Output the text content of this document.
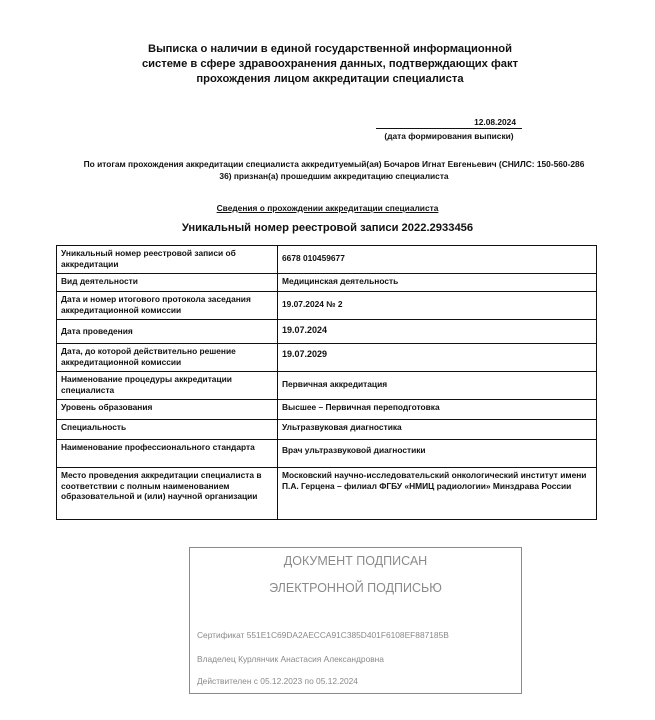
Выписка о наличии в единой государственной информационной
системе в сфере здравоохранения данных, подтверждающих факт
прохождения лицом аккредитации специалиста
12.08.2024
(дата формирования выписки)
По итогам прохождения аккредитации специалиста аккредитуемый(ая) Бочаров Игнат Евгеньевич (СНИЛС: 150-560-286
36) признан(а) прошедшим аккредитацию специалиста
Сведения о прохождении аккредитации специалиста
Уникальный номер реестровой записи 2022.2933456
Уникальный номер реестровой записи об аккредитации	6678 010459677
Вид деятельности	Медицинская деятельность
Дата и номер итогового протокола заседания аккредитационной комиссии	19.07.2024 № 2
Дата проведения	19.07.2024
Дата, до которой действительно решение аккредитационной комиссии	19.07.2029
Наименование процедуры аккредитации специалиста	Первичная аккредитация
Уровень образования	Высшее – Первичная переподготовка
Специальность	Ультразвуковая диагностика
Наименование профессионального стандарта	Врач ультразвуковой диагностики
Место проведения аккредитации специалиста в соответствии с полным наименованием образовательной и (или) научной организации	Московский научно-исследовательский онкологический институт имени П.А. Герцена – филиал ФГБУ «НМИЦ радиологии» Минздрава России
ДОКУМЕНТ ПОДПИСАН
ЭЛЕКТРОННОЙ ПОДПИСЬЮ
Сертификат 551E1C69DA2AECCA91C385D401F6108EF887185B
Владелец Курлянчик Анастасия Александровна
Действителен с 05.12.2023 по 05.12.2024
